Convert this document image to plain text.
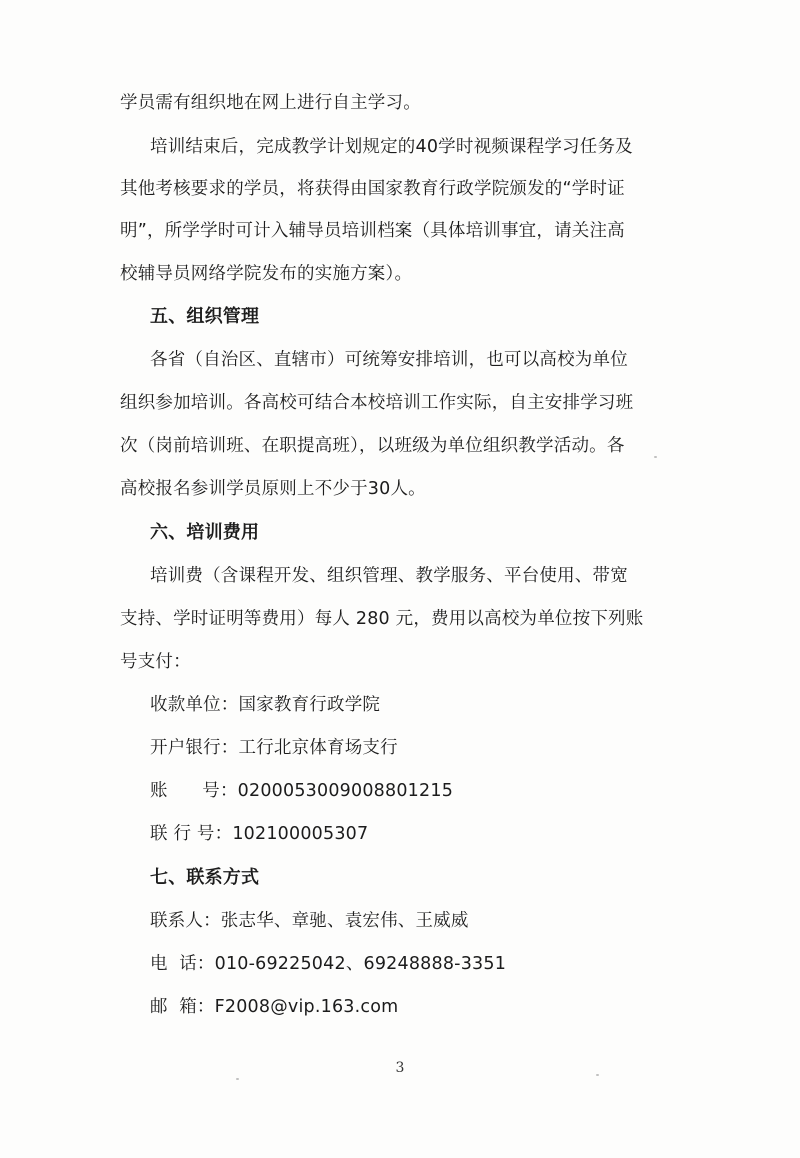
学员需有组织地在网上进行自主学习。
培训结束后，完成教学计划规定的40学时视频课程学习任务及
其他考核要求的学员，将获得由国家教育行政学院颁发的“学时证
明”，所学学时可计入辅导员培训档案（具体培训事宜，请关注高
校辅导员网络学院发布的实施方案）。
五、组织管理
各省（自治区、直辖市）可统筹安排培训，也可以高校为单位
组织参加培训。各高校可结合本校培训工作实际，自主安排学习班
次（岗前培训班、在职提高班），以班级为单位组织教学活动。各
高校报名参训学员原则上不少于30人。
六、培训费用
培训费（含课程开发、组织管理、教学服务、平台使用、带宽
支持、学时证明等费用）每人 280 元，费用以高校为单位按下列账
号支付：
收款单位：国家教育行政学院
开户银行：工行北京体育场支行
账      号：0200053009008801215
联 行 号：102100005307
七、联系方式
联系人：张志华、章驰、袁宏伟、王威威
电  话：010-69225042、69248888-3351
邮  箱：F2008@vip.163.com
3
